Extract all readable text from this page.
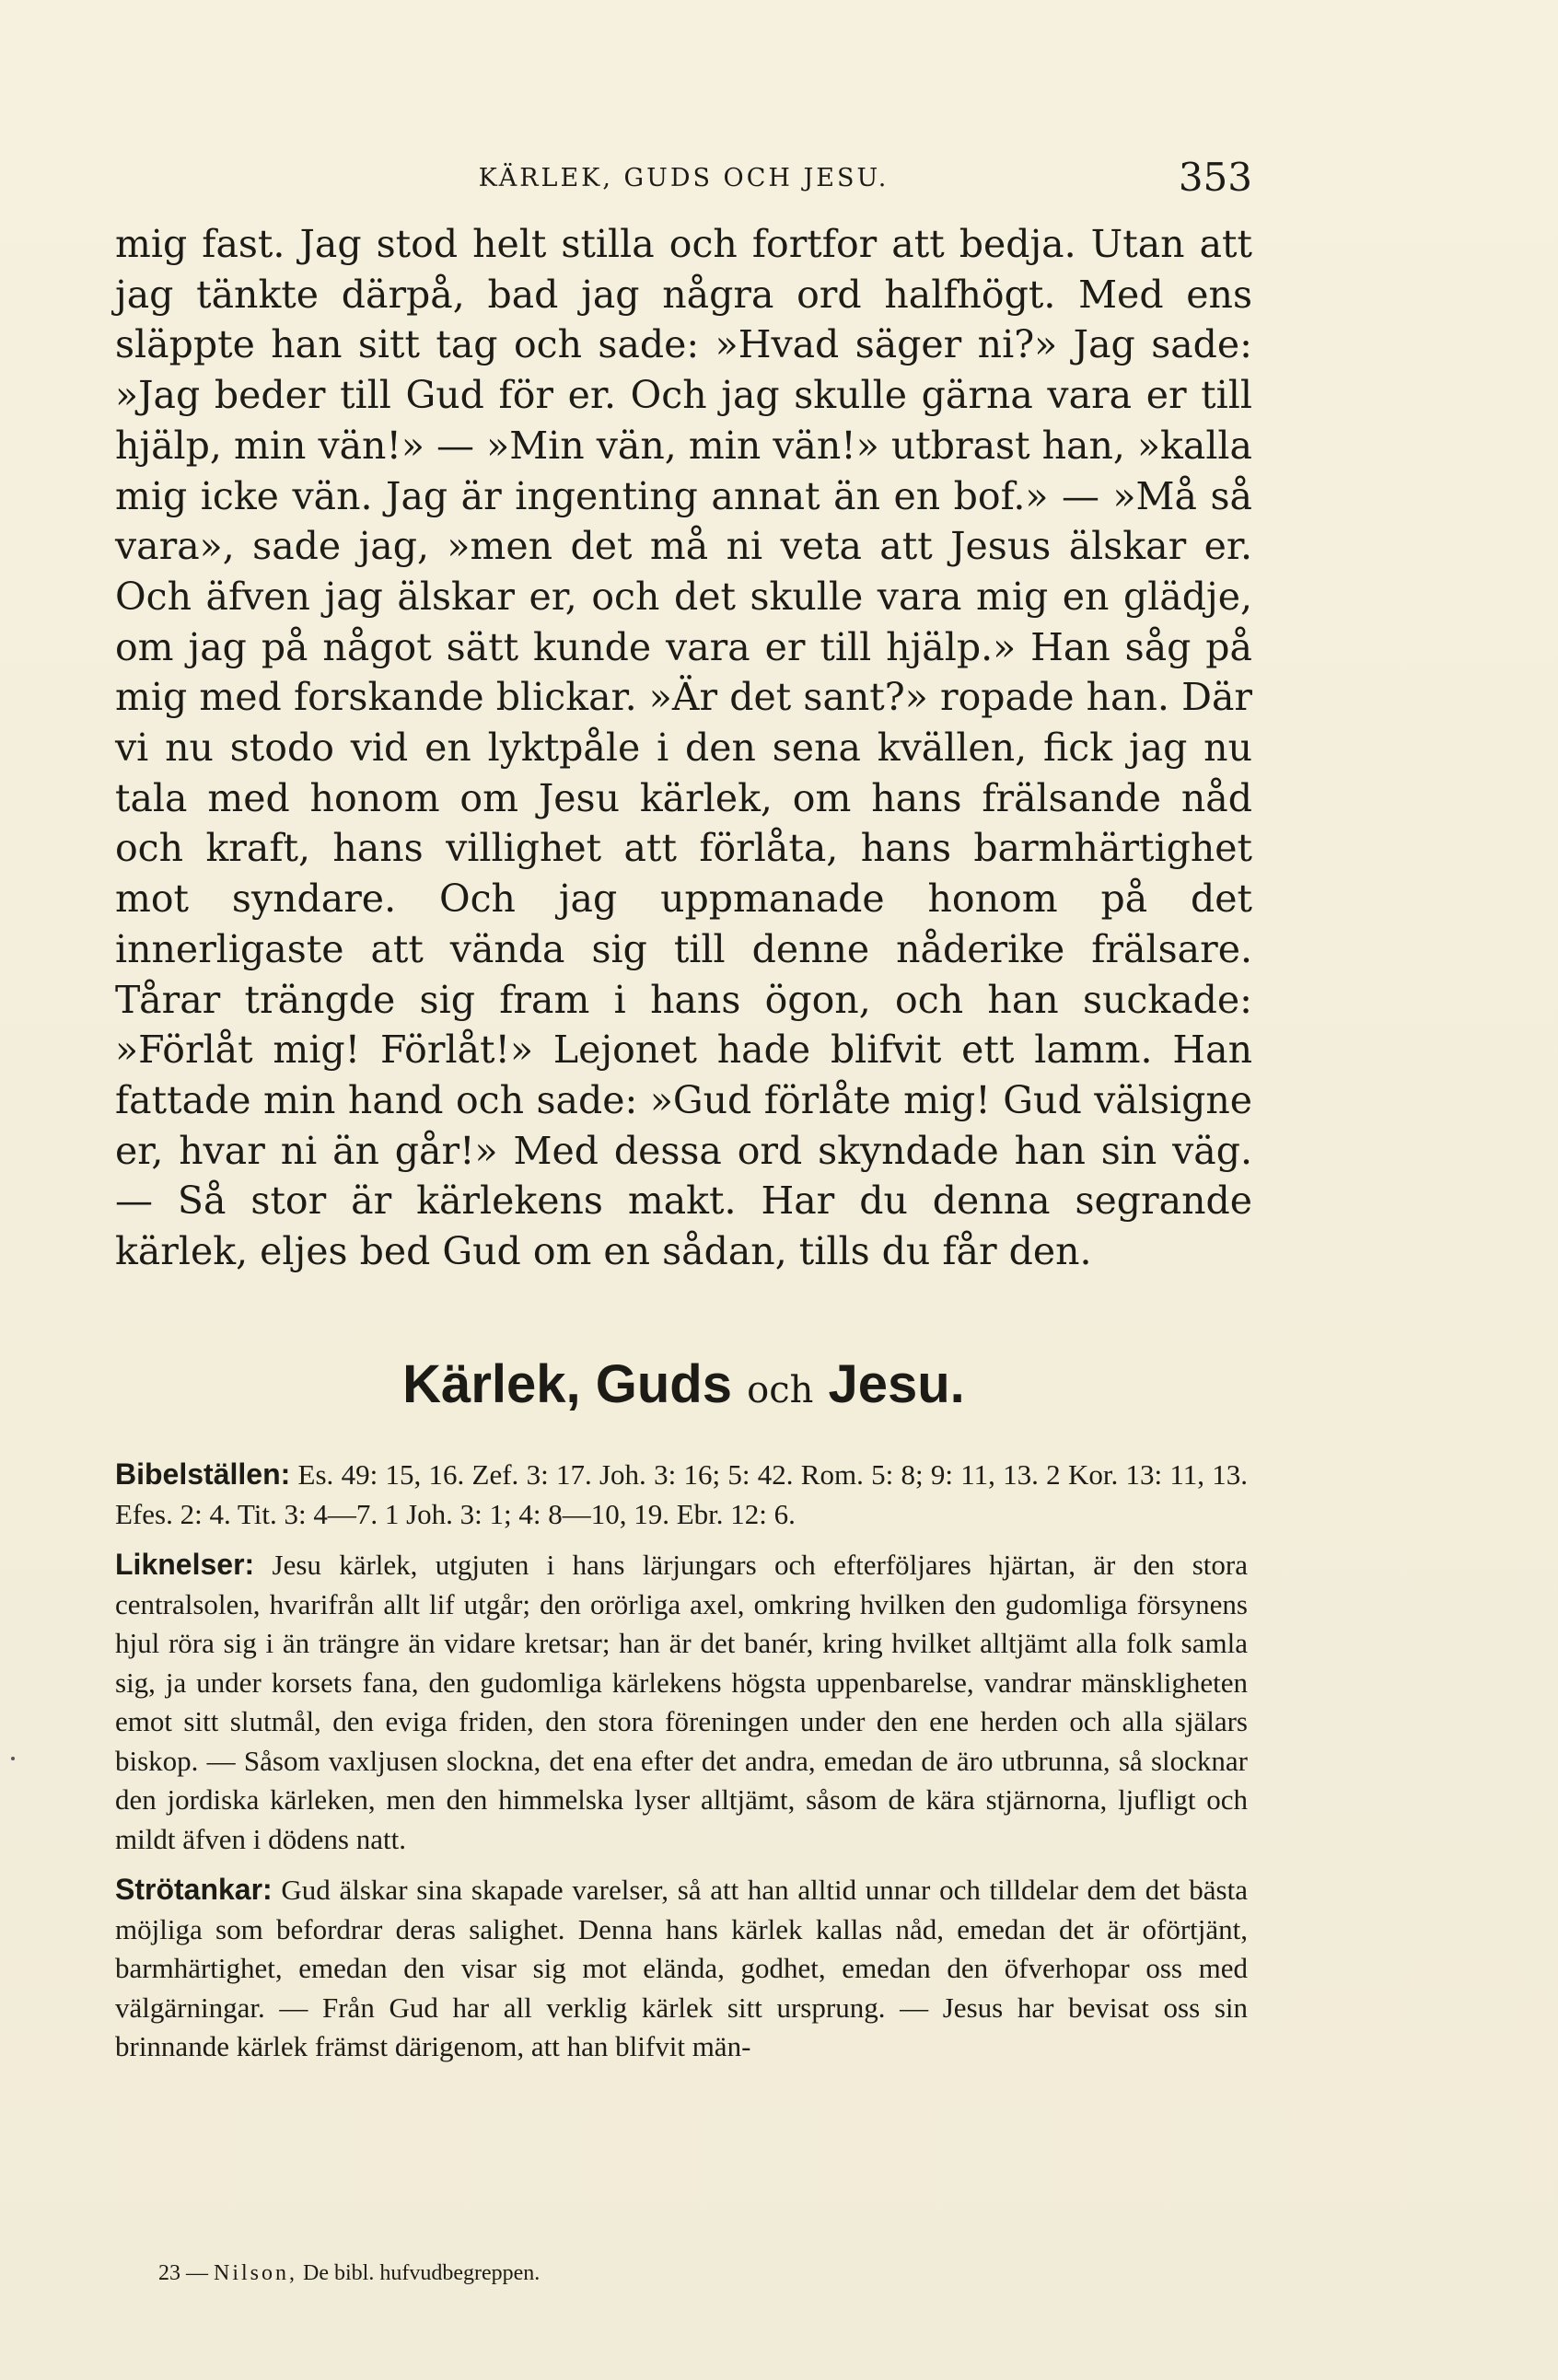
KÄRLEK, GUDS OCH JESU.	353

mig fast. Jag stod helt stilla och fortfor att bedja. Utan att jag tänkte därpå, bad jag några ord halfhögt. Med ens släppte han sitt tag och sade: »Hvad säger ni?» Jag sade: »Jag beder till Gud för er. Och jag skulle gärna vara er till hjälp, min vän!» — »Min vän, min vän!» utbrast han, »kalla mig icke vän. Jag är ingenting annat än en bof.» — »Må så vara», sade jag, »men det må ni veta att Jesus älskar er. Och äfven jag älskar er, och det skulle vara mig en glädje, om jag på något sätt kunde vara er till hjälp.» Han såg på mig med forskande blickar. »Är det sant?» ropade han. Där vi nu stodo vid en lyktpåle i den sena kvällen, fick jag nu tala med honom om Jesu kärlek, om hans frälsande nåd och kraft, hans villighet att förlåta, hans barmhärtighet mot syndare. Och jag uppmanade honom på det innerligaste att vända sig till denne nåderike frälsare. Tårar trängde sig fram i hans ögon, och han suckade: »Förlåt mig! Förlåt!» Lejonet hade blifvit ett lamm. Han fattade min hand och sade: »Gud förlåte mig! Gud välsigne er, hvar ni än går!» Med dessa ord skyndade han sin väg. — Så stor är kärlekens makt. Har du denna segrande kärlek, eljes bed Gud om en sådan, tills du får den.

Kärlek, Guds och Jesu.

Bibelställen: Es. 49: 15, 16. Zef. 3: 17. Joh. 3: 16; 5: 42. Rom. 5: 8; 9: 11, 13. 2 Kor. 13: 11, 13. Efes. 2: 4. Tit. 3: 4—7. 1 Joh. 3: 1; 4: 8—10, 19. Ebr. 12: 6.

Liknelser: Jesu kärlek, utgjuten i hans lärjungars och efterföljares hjärtan, är den stora centralsolen, hvarifrån allt lif utgår; den orörliga axel, omkring hvilken den gudomliga försynens hjul röra sig i än trängre än vidare kretsar; han är det banér, kring hvilket alltjämt alla folk samla sig, ja under korsets fana, den gudomliga kärlekens högsta uppenbarelse, vandrar mänskligheten emot sitt slutmål, den eviga friden, den stora föreningen under den ene herden och alla själars biskop. — Såsom vaxljusen slockna, det ena efter det andra, emedan de äro utbrunna, så slocknar den jordiska kärleken, men den himmelska lyser alltjämt, såsom de kära stjärnorna, ljufligt och mildt äfven i dödens natt.

Strötankar: Gud älskar sina skapade varelser, så att han alltid unnar och tilldelar dem det bästa möjliga som befordrar deras salighet. Denna hans kärlek kallas nåd, emedan det är oförtjänt, barmhärtighet, emedan den visar sig mot elända, godhet, emedan den öfverhopar oss med välgärningar. — Från Gud har all verklig kärlek sitt ursprung. — Jesus har bevisat oss sin brinnande kärlek främst därigenom, att han blifvit män-

23 — Nilson, De bibl. hufvudbegreppen.
